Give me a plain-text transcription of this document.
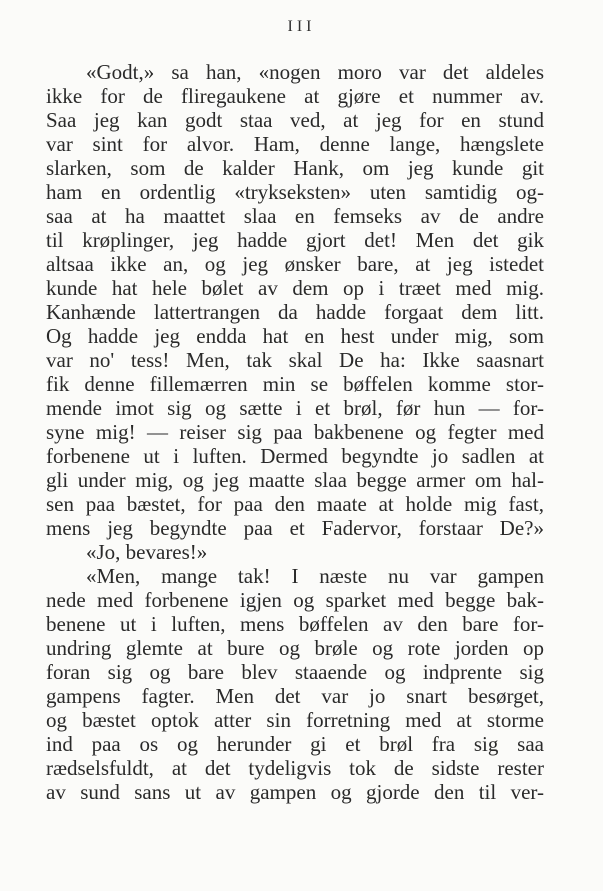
III
«Godt,» sa han, «nogen moro var det aldeles
ikke for de fliregaukene at gjøre et nummer av.
Saa jeg kan godt staa ved, at jeg for en stund
var sint for alvor. Ham, denne lange, hængslete
slarken, som de kalder Hank, om jeg kunde git
ham en ordentlig «trykseksten» uten samtidig og-
saa at ha maattet slaa en femseks av de andre
til krøplinger, jeg hadde gjort det! Men det gik
altsaa ikke an, og jeg ønsker bare, at jeg istedet
kunde hat hele bølet av dem op i træet med mig.
Kanhænde lattertrangen da hadde forgaat dem litt.
Og hadde jeg endda hat en hest under mig, som
var no' tess! Men, tak skal De ha: Ikke saasnart
fik denne fillemærren min se bøffelen komme stor-
mende imot sig og sætte i et brøl, før hun — for-
syne mig! — reiser sig paa bakbenene og fegter med
forbenene ut i luften. Dermed begyndte jo sadlen at
gli under mig, og jeg maatte slaa begge armer om hal-
sen paa bæstet, for paa den maate at holde mig fast,
mens jeg begyndte paa et Fadervor, forstaar De?»
«Jo, bevares!»
«Men, mange tak! I næste nu var gampen
nede med forbenene igjen og sparket med begge bak-
benene ut i luften, mens bøffelen av den bare for-
undring glemte at bure og brøle og rote jorden op
foran sig og bare blev staaende og indprente sig
gampens fagter. Men det var jo snart besørget,
og bæstet optok atter sin forretning med at storme
ind paa os og herunder gi et brøl fra sig saa
rædselsfuldt, at det tydeligvis tok de sidste rester
av sund sans ut av gampen og gjorde den til ver-
